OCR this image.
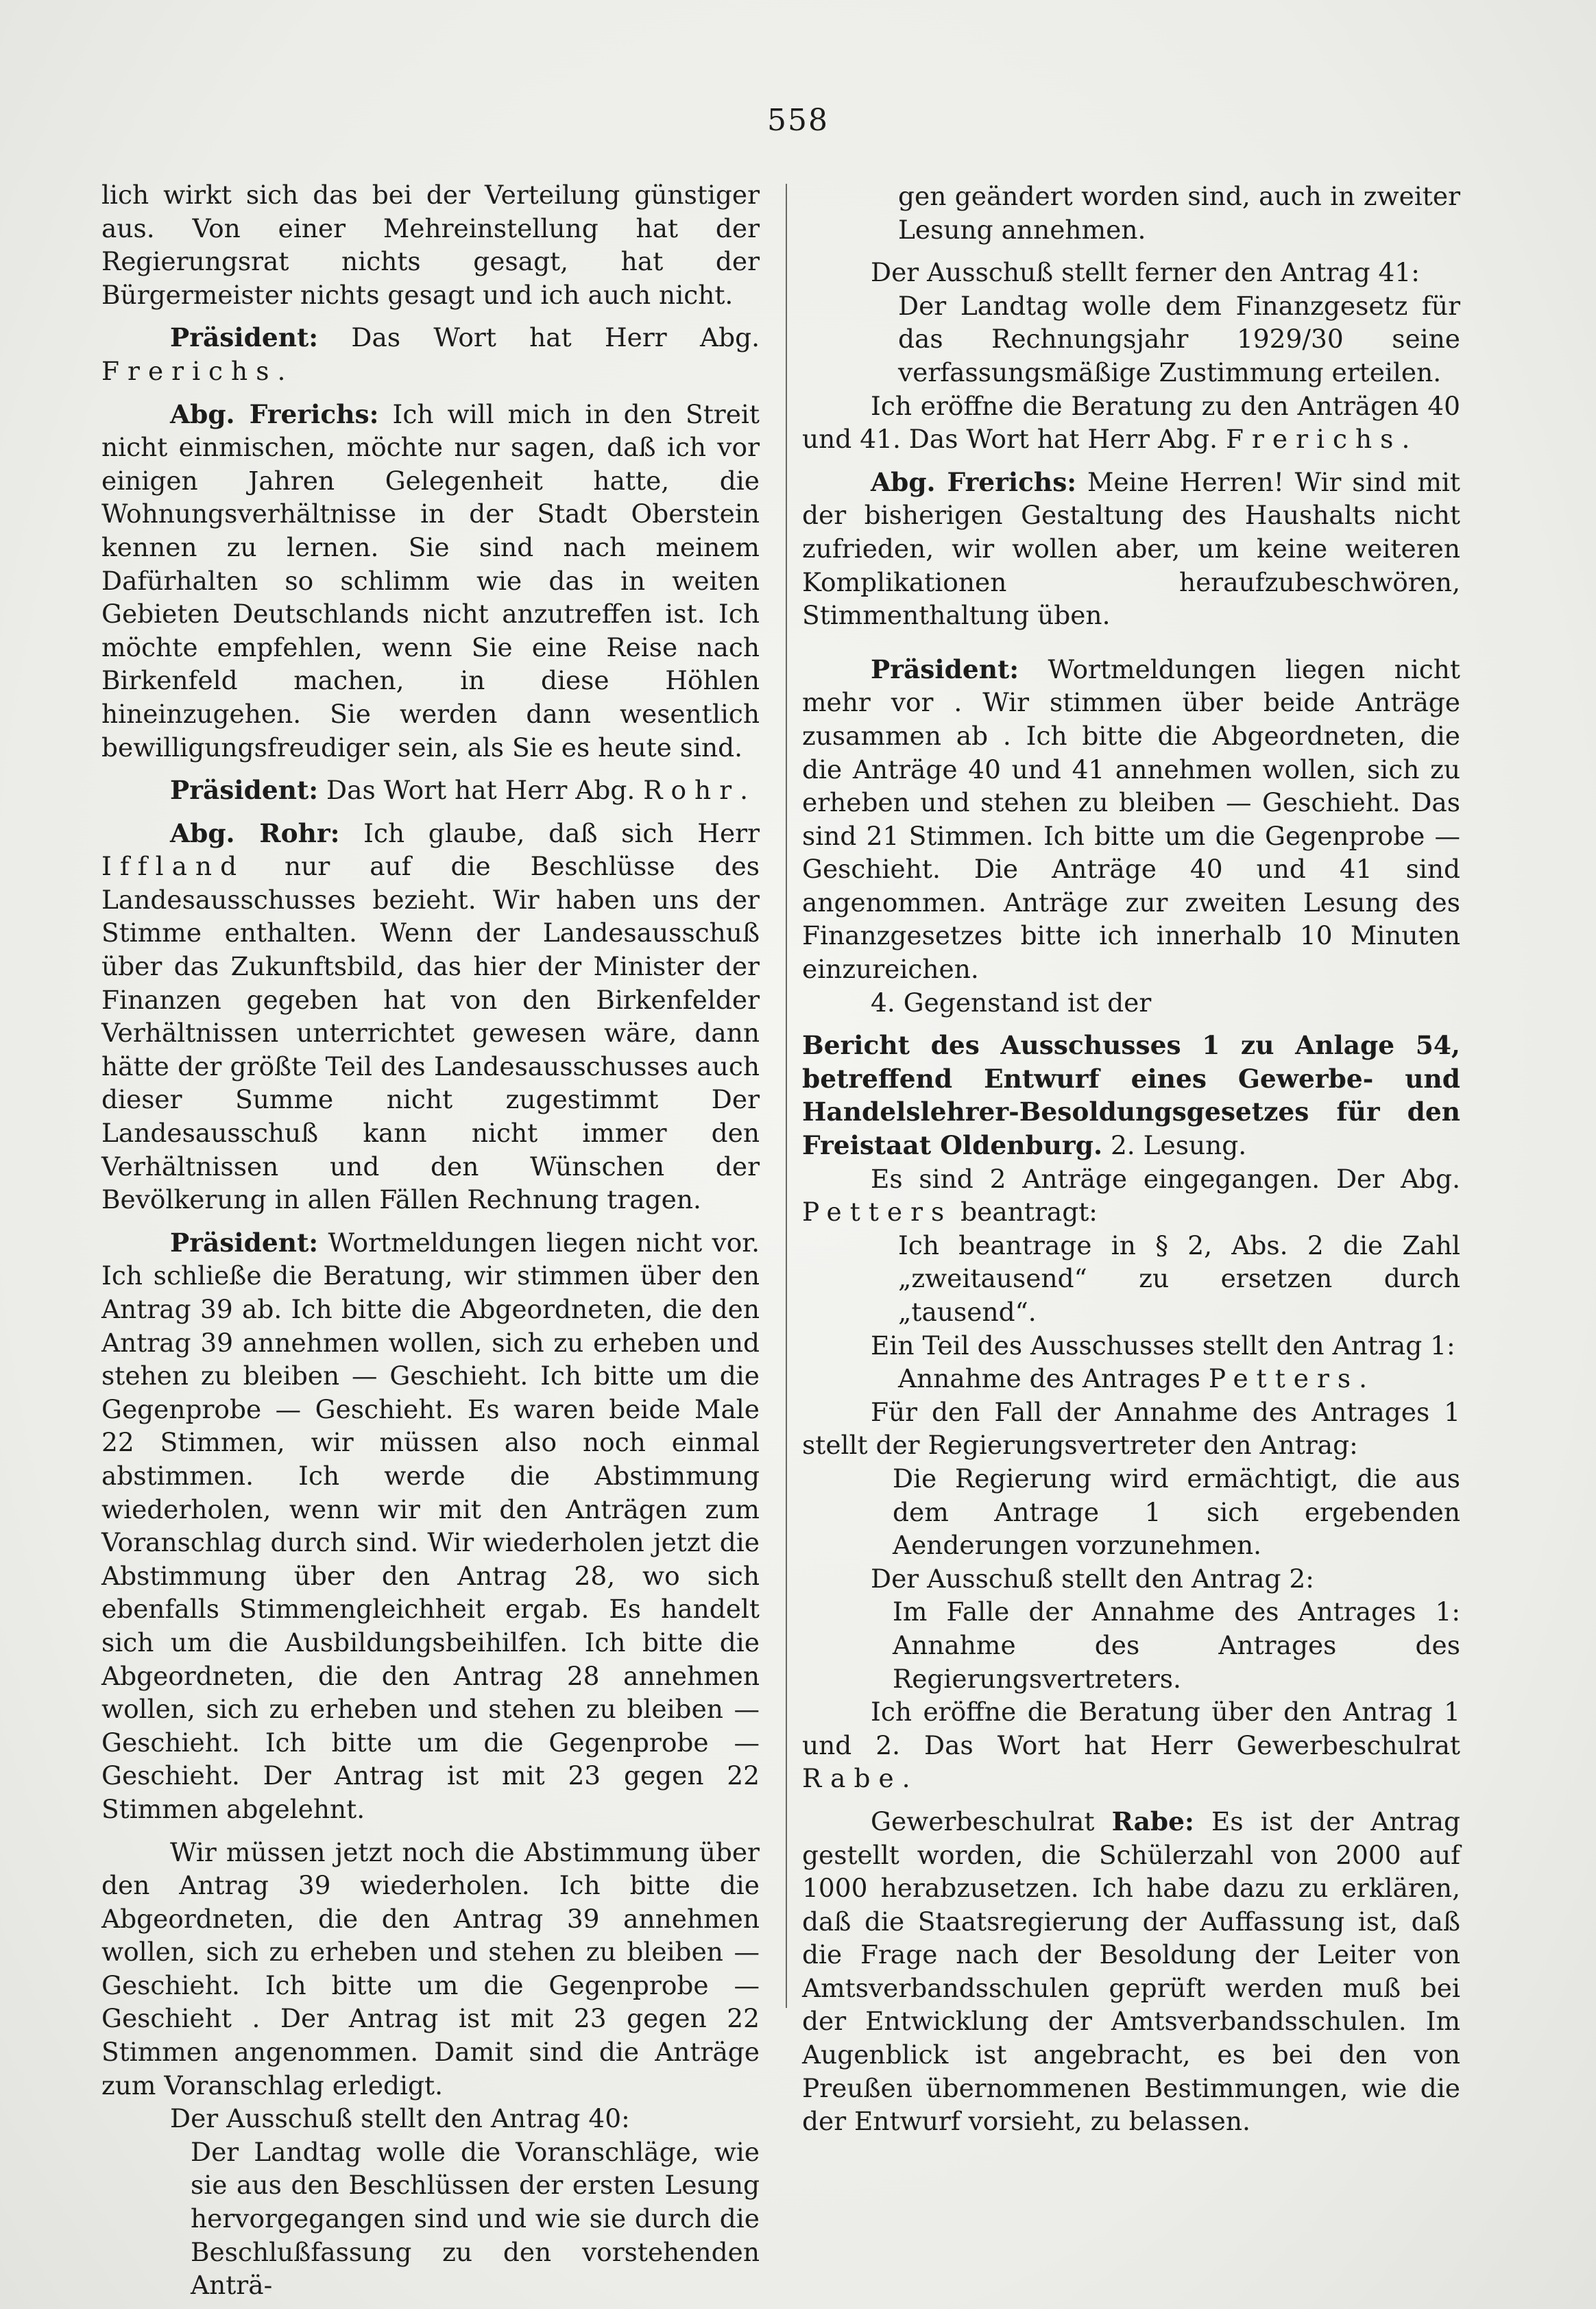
558

lich wirkt sich das bei der Verteilung günstiger aus. Von einer Mehreinstellung hat der Regierungsrat nichts gesagt, hat der Bürgermeister nichts gesagt und ich auch nicht.

Präsident: Das Wort hat Herr Abg. Frerichs.

Abg. Frerichs: Ich will mich in den Streit nicht einmischen, möchte nur sagen, daß ich vor einigen Jahren Gelegenheit hatte, die Wohnungsverhältnisse in der Stadt Oberstein kennen zu lernen. Sie sind nach meinem Dafürhalten so schlimm wie das in weiten Gebieten Deutschlands nicht anzutreffen ist. Ich möchte empfehlen, wenn Sie eine Reise nach Birkenfeld machen, in diese Höhlen hineinzugehen. Sie werden dann wesentlich bewilligungsfreudiger sein, als Sie es heute sind.

Präsident: Das Wort hat Herr Abg. Rohr.

Abg. Rohr: Ich glaube, daß sich Herr Iffland nur auf die Beschlüsse des Landesausschusses bezieht. Wir haben uns der Stimme enthalten. Wenn der Landesausschuß über das Zukunftsbild, das hier der Minister der Finanzen gegeben hat von den Birkenfelder Verhältnissen unterrichtet gewesen wäre, dann hätte der größte Teil des Landesausschusses auch dieser Summe nicht zugestimmt Der Landesausschuß kann nicht immer den Verhältnissen und den Wünschen der Bevölkerung in allen Fällen Rechnung tragen.

Präsident: Wortmeldungen liegen nicht vor. Ich schließe die Beratung, wir stimmen über den Antrag 39 ab. Ich bitte die Abgeordneten, die den Antrag 39 annehmen wollen, sich zu erheben und stehen zu bleiben — Geschieht. Ich bitte um die Gegenprobe — Geschieht. Es waren beide Male 22 Stimmen, wir müssen also noch einmal abstimmen. Ich werde die Abstimmung wiederholen, wenn wir mit den Anträgen zum Voranschlag durch sind. Wir wiederholen jetzt die Abstimmung über den Antrag 28, wo sich ebenfalls Stimmengleichheit ergab. Es handelt sich um die Ausbildungsbeihilfen. Ich bitte die Abgeordneten, die den Antrag 28 annehmen wollen, sich zu erheben und stehen zu bleiben — Geschieht. Ich bitte um die Gegenprobe — Geschieht. Der Antrag ist mit 23 gegen 22 Stimmen abgelehnt.

Wir müssen jetzt noch die Abstimmung über den Antrag 39 wiederholen. Ich bitte die Abgeordneten, die den Antrag 39 annehmen wollen, sich zu erheben und stehen zu bleiben — Geschieht. Ich bitte um die Gegenprobe — Geschieht . Der Antrag ist mit 23 gegen 22 Stimmen angenommen. Damit sind die Anträge zum Voranschlag erledigt.

Der Ausschuß stellt den Antrag 40:

Der Landtag wolle die Voranschläge, wie sie aus den Beschlüssen der ersten Lesung hervorgegangen sind und wie sie durch die Beschlußfassung zu den vorstehenden Anträ-

gen geändert worden sind, auch in zweiter Lesung annehmen.

Der Ausschuß stellt ferner den Antrag 41:

Der Landtag wolle dem Finanzgesetz für das Rechnungsjahr 1929/30 seine verfassungsmäßige Zustimmung erteilen.

Ich eröffne die Beratung zu den Anträgen 40 und 41. Das Wort hat Herr Abg. Frerichs.

Abg. Frerichs: Meine Herren! Wir sind mit der bisherigen Gestaltung des Haushalts nicht zufrieden, wir wollen aber, um keine weiteren Komplikationen heraufzubeschwören, Stimmenthaltung üben.

Präsident: Wortmeldungen liegen nicht mehr vor . Wir stimmen über beide Anträge zusammen ab . Ich bitte die Abgeordneten, die die Anträge 40 und 41 annehmen wollen, sich zu erheben und stehen zu bleiben — Geschieht. Das sind 21 Stimmen. Ich bitte um die Gegenprobe — Geschieht. Die Anträge 40 und 41 sind angenommen. Anträge zur zweiten Lesung des Finanzgesetzes bitte ich innerhalb 10 Minuten einzureichen.

4. Gegenstand ist der

Bericht des Ausschusses 1 zu Anlage 54, betreffend Entwurf eines Gewerbe- und Handelslehrer-Besoldungsgesetzes für den Freistaat Oldenburg. 2. Lesung.

Es sind 2 Anträge eingegangen. Der Abg. Petters beantragt:

Ich beantrage in § 2, Abs. 2 die Zahl „zweitausend“ zu ersetzen durch „tausend“.

Ein Teil des Ausschusses stellt den Antrag 1:

Annahme des Antrages Petters.

Für den Fall der Annahme des Antrages 1 stellt der Regierungsvertreter den Antrag:

Die Regierung wird ermächtigt, die aus dem Antrage 1 sich ergebenden Aenderungen vorzunehmen.

Der Ausschuß stellt den Antrag 2:

Im Falle der Annahme des Antrages 1: Annahme des Antrages des Regierungsvertreters.

Ich eröffne die Beratung über den Antrag 1 und 2. Das Wort hat Herr Gewerbeschulrat Rabe.

Gewerbeschulrat Rabe: Es ist der Antrag gestellt worden, die Schülerzahl von 2000 auf 1000 herabzusetzen. Ich habe dazu zu erklären, daß die Staatsregierung der Auffassung ist, daß die Frage nach der Besoldung der Leiter von Amtsverbandsschulen geprüft werden muß bei der Entwicklung der Amtsverbandsschulen. Im Augenblick ist angebracht, es bei den von Preußen übernommenen Bestimmungen, wie die der Entwurf vorsieht, zu belassen.
